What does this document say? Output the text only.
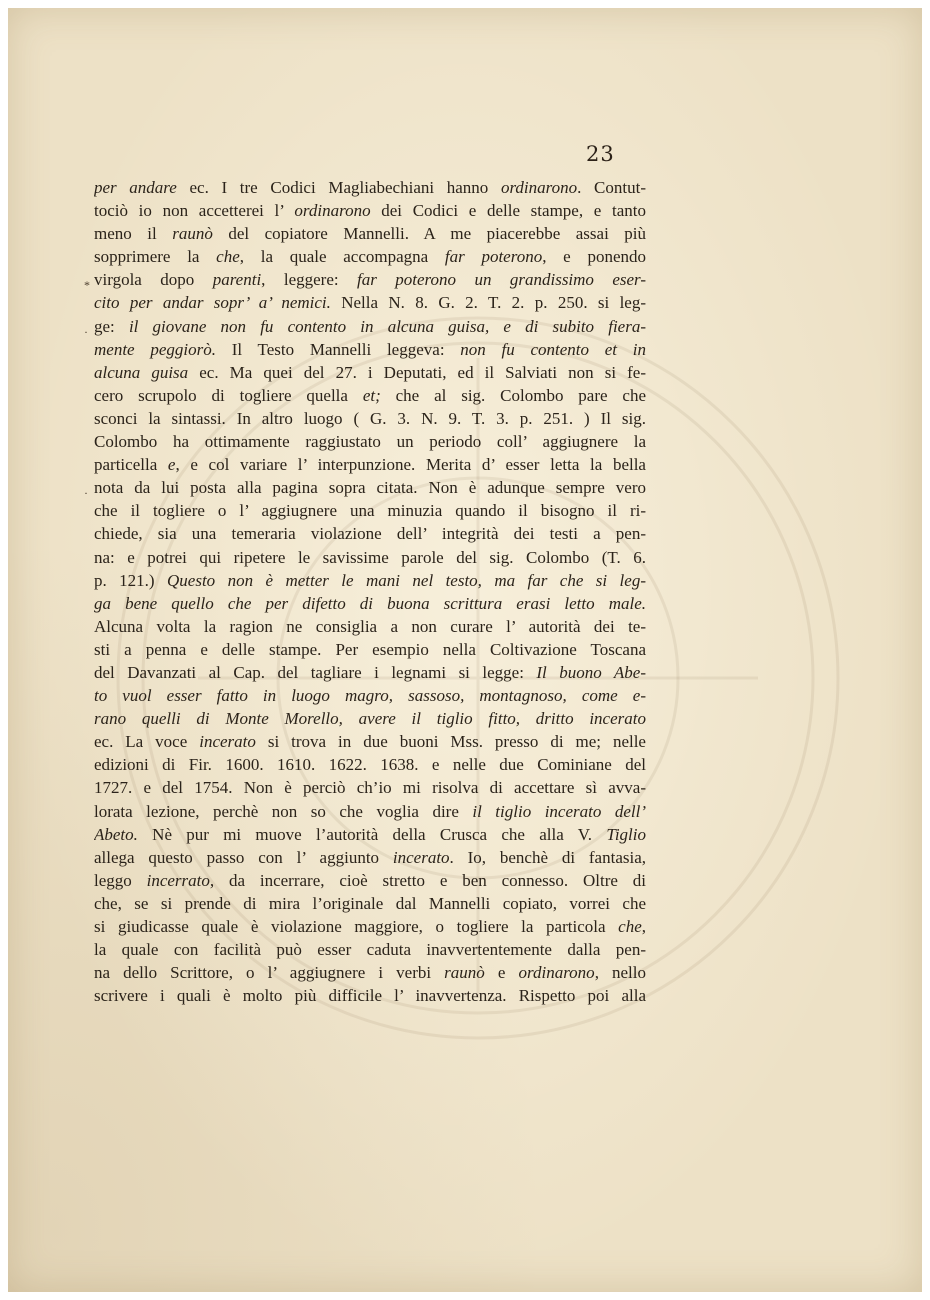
23
per andare ec. I tre Codici Magliabechiani hanno ordinarono. Contut-
tociò io non accetterei l’ ordinarono dei Codici e delle stampe, e tanto
meno il raunò del copiatore Mannelli. A me piacerebbe assai più
sopprimere la che, la quale accompagna far poterono, e ponendo
virgola dopo parenti, leggere: far poterono un grandissimo eser-
cito per andar sopr’ a’ nemici. Nella N. 8. G. 2. T. 2. p. 250. si leg-
ge: il giovane non fu contento in alcuna guisa, e di subito fiera-
mente peggiorò. Il Testo Mannelli leggeva: non fu contento et in
alcuna guisa ec. Ma quei del 27. i Deputati, ed il Salviati non si fe-
cero scrupolo di togliere quella et; che al sig. Colombo pare che
sconci la sintassi. In altro luogo ( G. 3. N. 9. T. 3. p. 251. ) Il sig.
Colombo ha ottimamente raggiustato un periodo coll’ aggiugnere la
particella e, e col variare l’ interpunzione. Merita d’ esser letta la bella
nota da lui posta alla pagina sopra citata. Non è adunque sempre vero
che il togliere o l’ aggiugnere una minuzia quando il bisogno il ri-
chiede, sia una temeraria violazione dell’ integrità dei testi a pen-
na: e potrei qui ripetere le savissime parole del sig. Colombo (T. 6.
p. 121.) Questo non è metter le mani nel testo, ma far che si leg-
ga bene quello che per difetto di buona scrittura erasi letto male.
Alcuna volta la ragion ne consiglia a non curare l’ autorità dei te-
sti a penna e delle stampe. Per esempio nella Coltivazione Toscana
del Davanzati al Cap. del tagliare i legnami si legge: Il buono Abe-
to vuol esser fatto in luogo magro, sassoso, montagnoso, come e-
rano quelli di Monte Morello, avere il tiglio fitto, dritto incerato
ec. La voce incerato si trova in due buoni Mss. presso di me; nelle
edizioni di Fir. 1600. 1610. 1622. 1638. e nelle due Cominiane del
1727. e del 1754. Non è perciò ch’io mi risolva di accettare sì avva-
lorata lezione, perchè non so che voglia dire il tiglio incerato dell’
Abeto. Nè pur mi muove l’autorità della Crusca che alla V. Tiglio
allega questo passo con l’ aggiunto incerato. Io, benchè di fantasia,
leggo incerrato, da incerrare, cioè stretto e ben connesso. Oltre di
che, se si prende di mira l’originale dal Mannelli copiato, vorrei che
si giudicasse quale è violazione maggiore, o togliere la particola che,
la quale con facilità può esser caduta inavvertentemente dalla pen-
na dello Scrittore, o l’ aggiugnere i verbi raunò e ordinarono, nello
scrivere i quali è molto più difficile l’ inavvertenza. Rispetto poi alla
*
·
·
